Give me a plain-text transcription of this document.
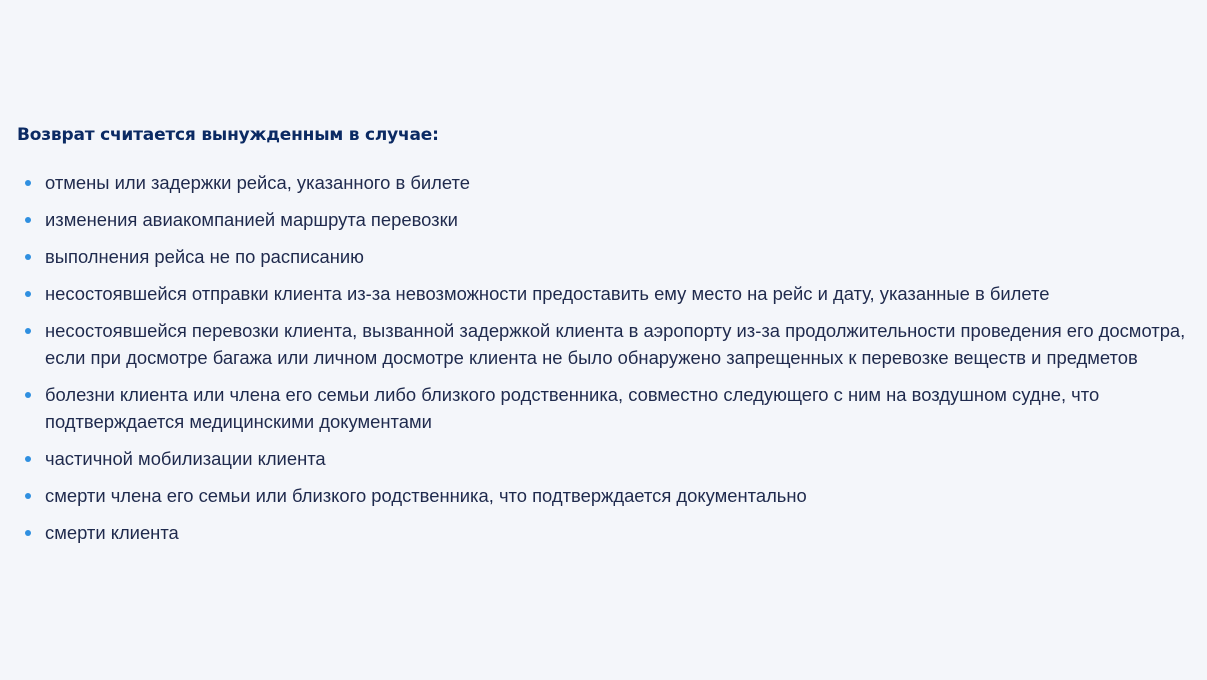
Возврат считается вынужденным в случае:
отмены или задержки рейса, указанного в билете
изменения авиакомпанией маршрута перевозки
выполнения рейса не по расписанию
несостоявшейся отправки клиента из-за невозможности предоставить ему место на рейс и дату, указанные в билете
несостоявшейся перевозки клиента, вызванной задержкой клиента в аэропорту из-за продолжительности проведения его досмотра, если при досмотре багажа или личном досмотре клиента не было обнаружено запрещенных к перевозке веществ и предметов
болезни клиента или члена его семьи либо близкого родственника, совместно следующего с ним на воздушном судне, что подтверждается медицинскими документами
частичной мобилизации клиента
смерти члена его семьи или близкого родственника, что подтверждается документально
смерти клиента
